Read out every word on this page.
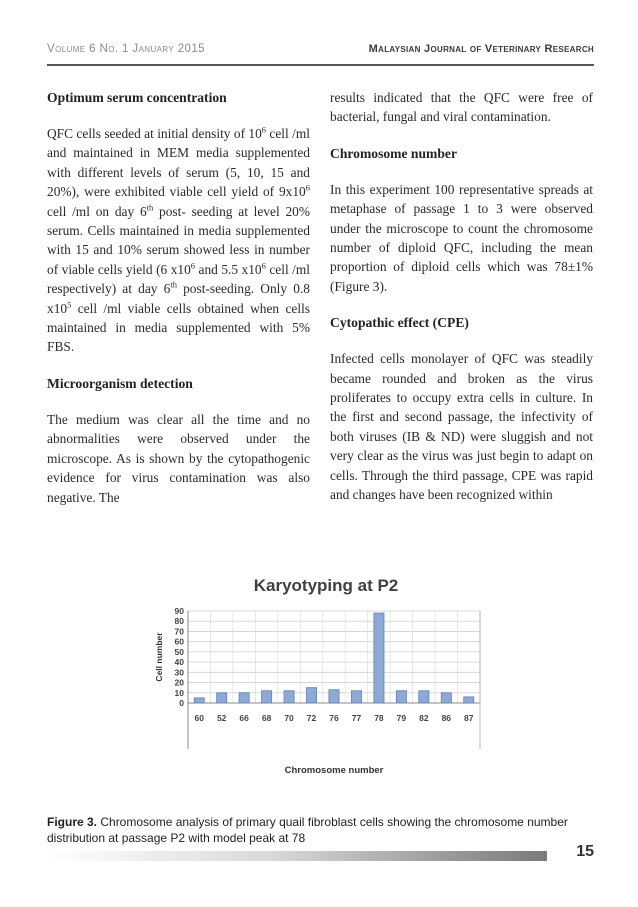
Volume 6 No. 1 January 2015	Malaysian Journal of Veterinary Research
Optimum serum concentration

QFC cells seeded at initial density of $10^6$ cell /ml and maintained in MEM media supplemented with different levels of serum (5, 10, 15 and 20%), were exhibited viable cell yield of $9x10^6$ cell /ml on day 6th post- seeding at level 20% serum. Cells maintained in media supplemented with 15 and 10% serum showed less in number of viable cells yield (6 $x10^6$ and 5.5 $x10^6$ cell /ml respectively) at day 6th post-seeding. Only 0.8 $x10^5$ cell /ml viable cells obtained when cells maintained in media supplemented with 5% FBS.

Microorganism detection

The medium was clear all the time and no abnormalities were observed under the microscope. As is shown by the cytopathogenic evidence for virus contamination was also negative. The

results indicated that the QFC were free of bacterial, fungal and viral contamination.

Chromosome number

In this experiment 100 representative spreads at metaphase of passage 1 to 3 were observed under the microscope to count the chromosome number of diploid QFC, including the mean proportion of diploid cells which was 78±1% (Figure 3).

Cytopathic effect (CPE)

Infected cells monolayer of QFC was steadily became rounded and broken as the virus proliferates to occupy extra cells in culture. In the first and second passage, the infectivity of both viruses (IB & ND) were sluggish and not very clear as the virus was just begin to adapt on cells. Through the third passage, CPE was rapid and changes have been recognized within

Karyotyping at P2
0
10
20
30
40
50
60
70
80
90
60 52 66 68 70 72 76 77 78 79 82 86 87
Cell number
Chromosome number
Figure 3. Chromosome analysis of primary quail fibroblast cells showing the chromosome number distribution at passage P2 with model peak at 78
15
